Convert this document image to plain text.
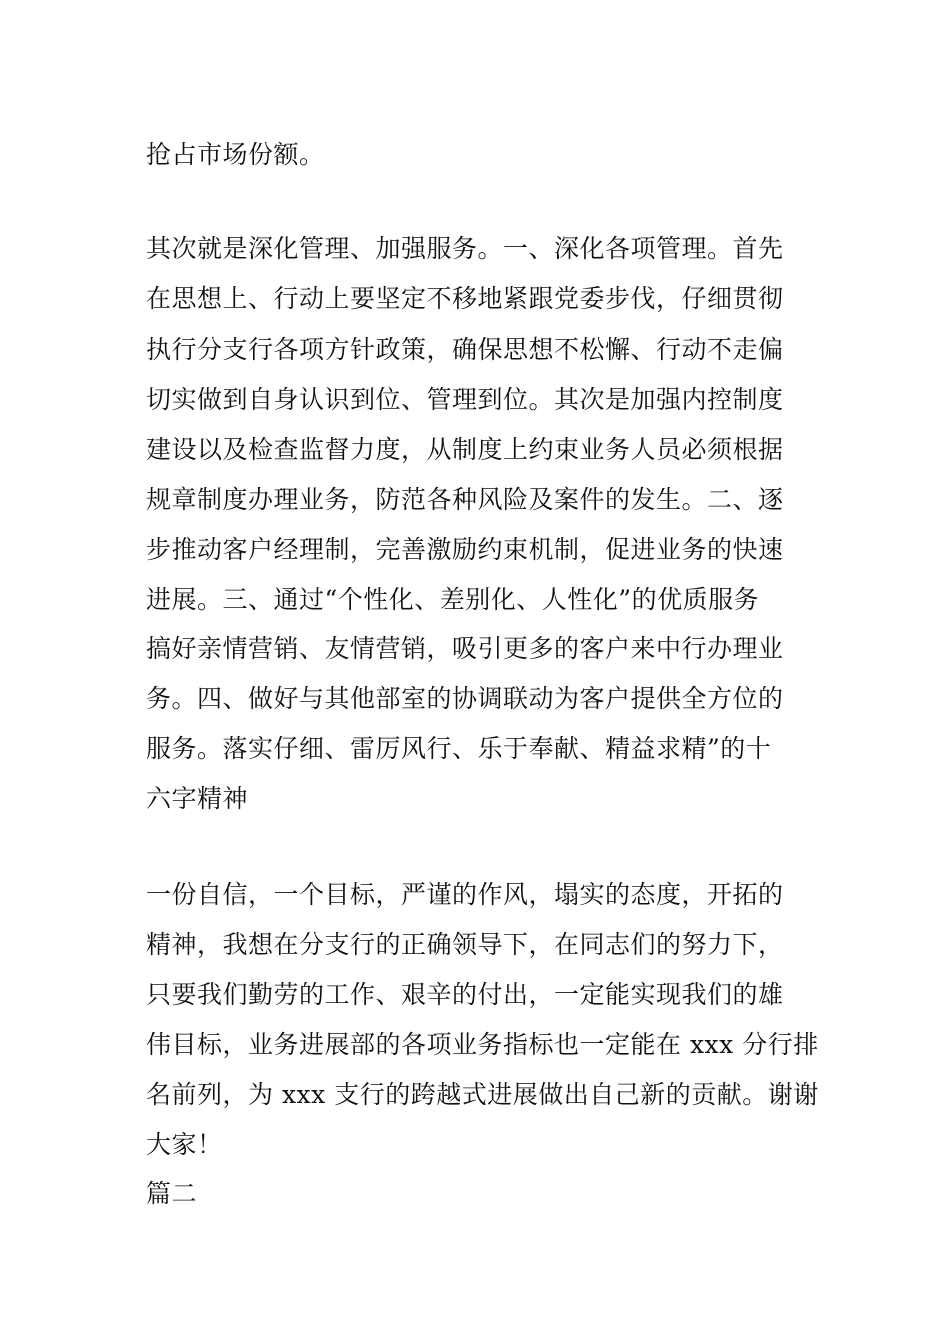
抢占市场份额。
其次就是深化管理、加强服务。一、深化各项管理。首先
在思想上、行动上要坚定不移地紧跟党委步伐，仔细贯彻
执行分支行各项方针政策，确保思想不松懈、行动不走偏
切实做到自身认识到位、管理到位。其次是加强内控制度
建设以及检查监督力度，从制度上约束业务人员必须根据
规章制度办理业务，防范各种风险及案件的发生。二、逐
步推动客户经理制，完善激励约束机制，促进业务的快速
进展。三、通过“个性化、差别化、人性化”的优质服务
搞好亲情营销、友情营销，吸引更多的客户来中行办理业
务。四、做好与其他部室的协调联动为客户提供全方位的
服务。落实仔细、雷厉风行、乐于奉献、精益求精”的十
六字精神
一份自信，一个目标，严谨的作风，塌实的态度，开拓的
精神，我想在分支行的正确领导下，在同志们的努力下，
只要我们勤劳的工作、艰辛的付出，一定能实现我们的雄
伟目标，业务进展部的各项业务指标也一定能在 xxx 分行排
名前列，为 xxx 支行的跨越式进展做出自己新的贡献。谢谢
大家！
篇二
